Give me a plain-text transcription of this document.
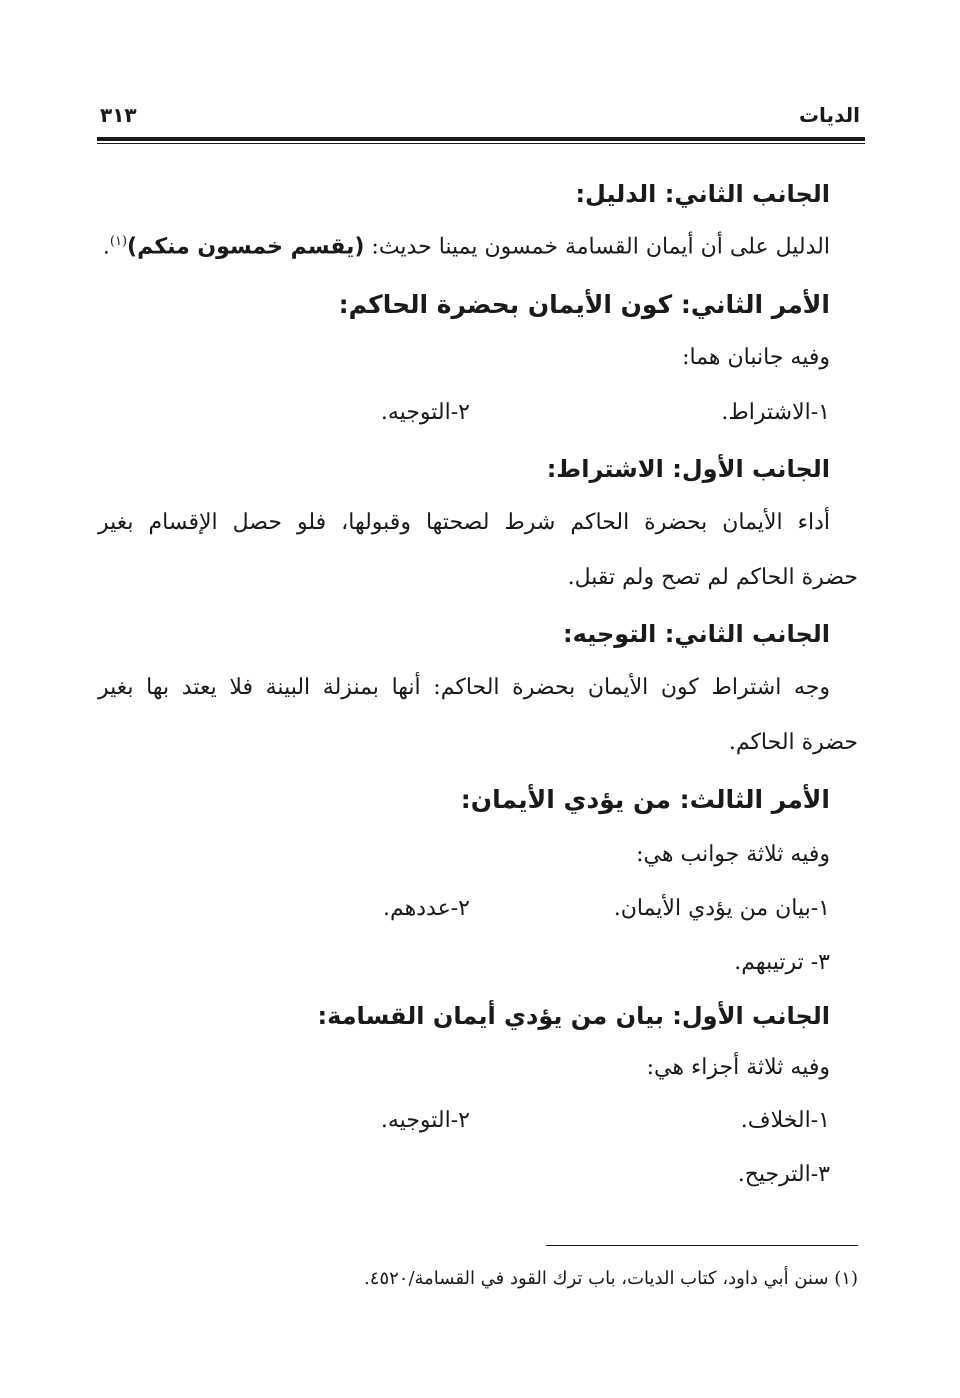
الديات
٣١٣
الجانب الثاني: الدليل:
الدليل على أن أيمان القسامة خمسون يمينا حديث: (يقسم خمسون منكم)$^{(١)}$.
الأمر الثاني: كون الأيمان بحضرة الحاكم:
وفيه جانبان هما:
١-الاشتراط.
٢-التوجيه.
الجانب الأول: الاشتراط:
أداء الأيمان بحضرة الحاكم شرط لصحتها وقبولها، فلو حصل الإقسام بغير
حضرة الحاكم لم تصح ولم تقبل.
الجانب الثاني: التوجيه:
وجه اشتراط كون الأيمان بحضرة الحاكم: أنها بمنزلة البينة فلا يعتد بها بغير
حضرة الحاكم.
الأمر الثالث: من يؤدي الأيمان:
وفيه ثلاثة جوانب هي:
١-بيان من يؤدي الأيمان.
٢-عددهم.
٣- ترتيبهم.
الجانب الأول: بيان من يؤدي أيمان القسامة:
وفيه ثلاثة أجزاء هي:
١-الخلاف.
٢-التوجيه.
٣-الترجيح.
(١) سنن أبي داود، كتاب الديات، باب ترك القود في القسامة/٤٥٢٠.
